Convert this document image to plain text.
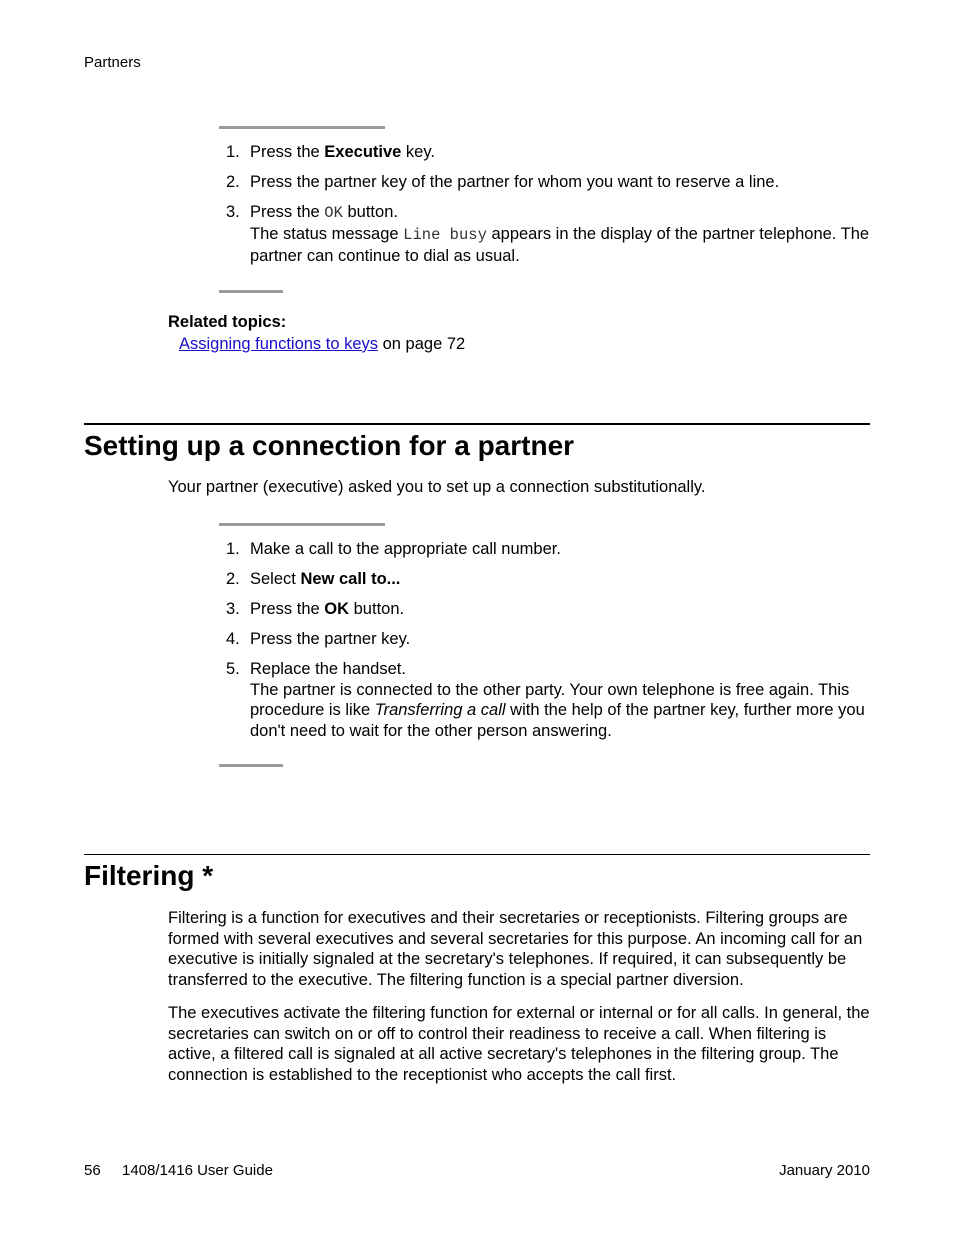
Partners
1. Press the Executive key.
2. Press the partner key of the partner for whom you want to reserve a line.
3. Press the OK button.
The status message Line busy appears in the display of the partner telephone. The partner can continue to dial as usual.
Related topics:
Assigning functions to keys on page 72
Setting up a connection for a partner
Your partner (executive) asked you to set up a connection substitutionally.
1. Make a call to the appropriate call number.
2. Select New call to...
3. Press the OK button.
4. Press the partner key.
5. Replace the handset.
The partner is connected to the other party. Your own telephone is free again. This procedure is like Transferring a call with the help of the partner key, further more you don't need to wait for the other person answering.
Filtering *
Filtering is a function for executives and their secretaries or receptionists. Filtering groups are formed with several executives and several secretaries for this purpose. An incoming call for an executive is initially signaled at the secretary's telephones. If required, it can subsequently be transferred to the executive. The filtering function is a special partner diversion.
The executives activate the filtering function for external or internal or for all calls. In general, the secretaries can switch on or off to control their readiness to receive a call. When filtering is active, a filtered call is signaled at all active secretary's telephones in the filtering group. The connection is established to the receptionist who accepts the call first.
56 1408/1416 User Guide	January 2010
